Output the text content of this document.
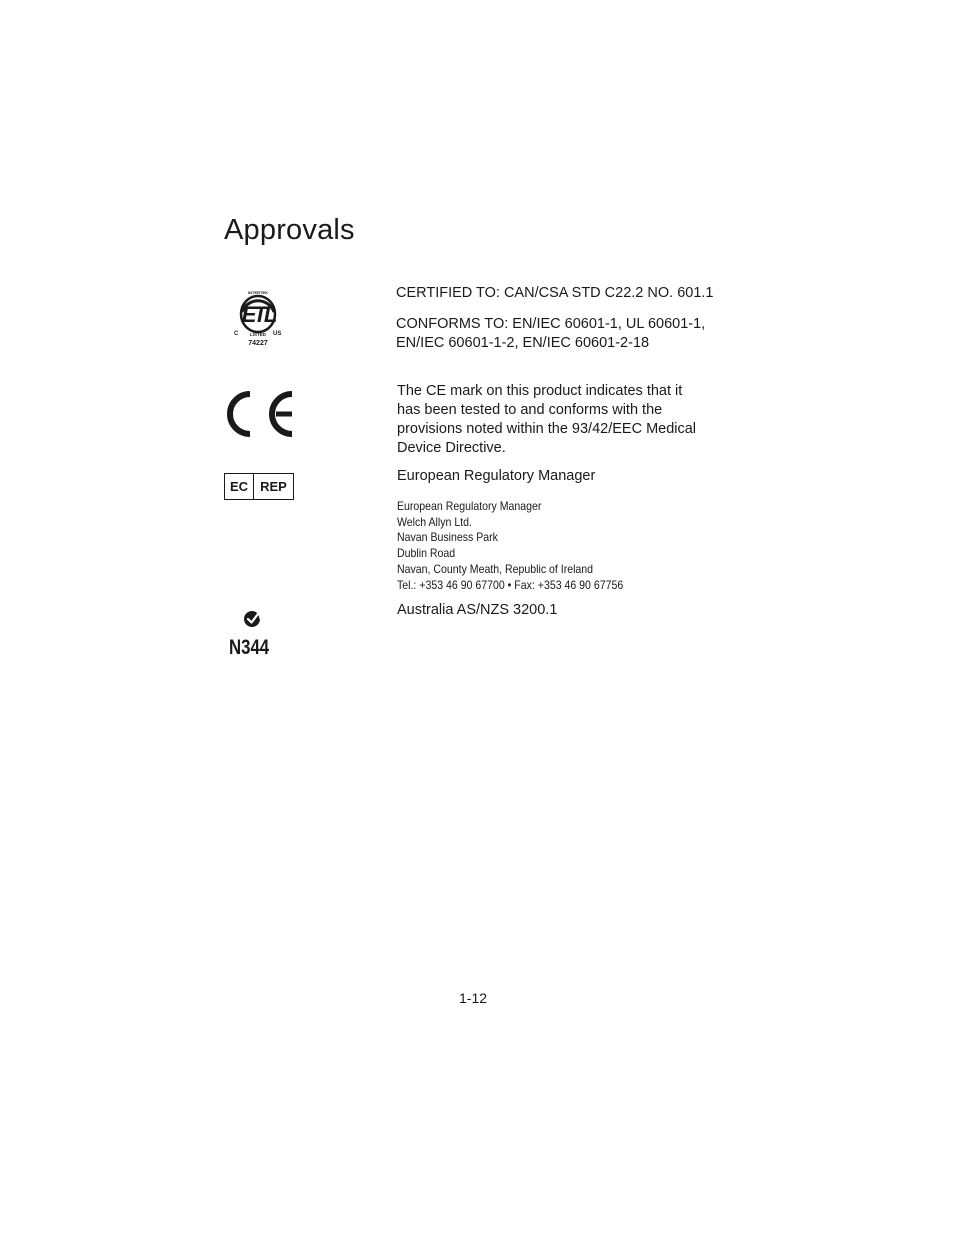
Approvals
INTERTEK
ETL
C	LISTED US
74227
CERTIFIED TO: CAN/CSA STD C22.2 NO. 601.1
CONFORMS TO: EN/IEC 60601-1, UL 60601-1,
EN/IEC 60601-1-2, EN/IEC 60601-2-18
The CE mark on this product indicates that it
has been tested to and conforms with the
provisions noted within the 93/42/EEC Medical
Device Directive.
EC REP
European Regulatory Manager
European Regulatory Manager
Welch Allyn Ltd.
Navan Business Park
Dublin Road
Navan, County Meath, Republic of Ireland
Tel.: +353 46 90 67700 • Fax: +353 46 90 67756
N344
Australia AS/NZS 3200.1
1-12
